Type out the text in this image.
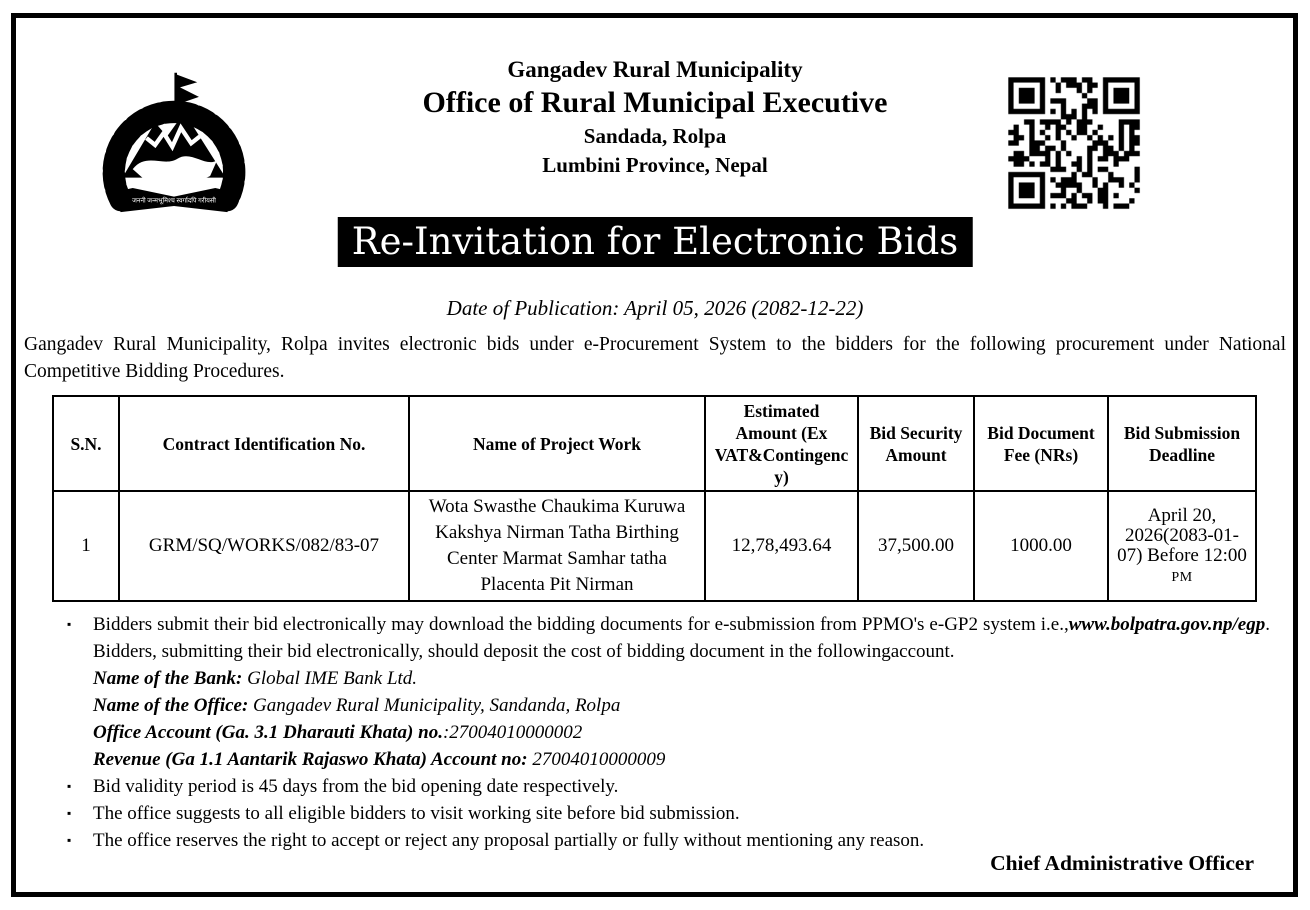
जननी जन्मभूमिश्च स्वर्गादपि गरीयसी
Gangadev Rural Municipality
Office of Rural Municipal Executive
Sandada, Rolpa
Lumbini Province, Nepal
Re-Invitation for Electronic Bids
Date of Publication: April 05, 2026 (2082-12-22)
Gangadev Rural Municipality, Rolpa invites electronic bids under e-Procurement System to the bidders for the following procurement under National Competitive Bidding Procedures.
S.N.	Contract Identification No.	Name of Project Work	Estimated Amount (Ex VAT&Contingency)	Bid Security Amount	Bid Document Fee (NRs)	Bid Submission Deadline
1	GRM/SQ/WORKS/082/83-07	Wota Swasthe Chaukima Kuruwa Kakshya Nirman Tatha Birthing Center Marmat Samhar tatha Placenta Pit Nirman	12,78,493.64	37,500.00	1000.00	April 20, 2026(2083-01-07) Before 12:00 PM
▪ Bidders submit their bid electronically may download the bidding documents for e-submission from PPMO's e-GP2 system i.e.,www.bolpatra.gov.np/egp. Bidders, submitting their bid electronically, should deposit the cost of bidding document in the followingaccount.
Name of the Bank: Global IME Bank Ltd.
Name of the Office: Gangadev Rural Municipality, Sandanda, Rolpa
Office Account (Ga. 3.1 Dharauti Khata) no.:27004010000002
Revenue (Ga 1.1 Aantarik Rajaswo Khata) Account no: 27004010000009
▪ Bid validity period is 45 days from the bid opening date respectively.
▪ The office suggests to all eligible bidders to visit working site before bid submission.
▪ The office reserves the right to accept or reject any proposal partially or fully without mentioning any reason.
Chief Administrative Officer
